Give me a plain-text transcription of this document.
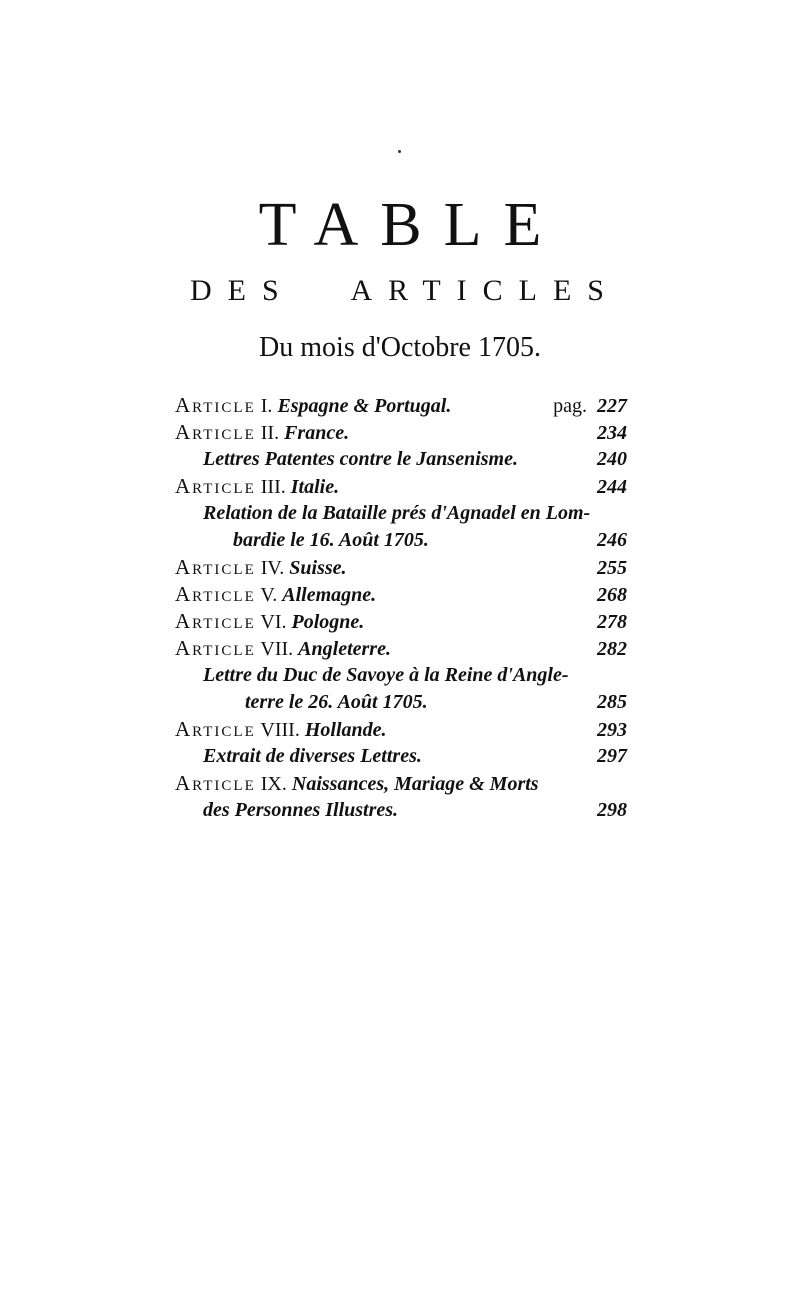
TABLE
DES ARTICLES
Du mois d'Octobre 1705.
Article I. Espagne & Portugal.	pag. 227
Article II. France.	234
Lettres Patentes contre le Jansenisme.	240
Article III. Italie.	244
Relation de la Bataille prés d'Agnadel en Lom-
bardie le 16. Août 1705.	246
Article IV. Suisse.	255
Article V. Allemagne.	268
Article VI. Pologne.	278
Article VII. Angleterre.	282
Lettre du Duc de Savoye à la Reine d'Angle-
terre le 26. Août 1705.	285
Article VIII. Hollande.	293
Extrait de diverses Lettres.	297
Article IX. Naissances, Mariage & Morts
des Personnes Illustres.	298
